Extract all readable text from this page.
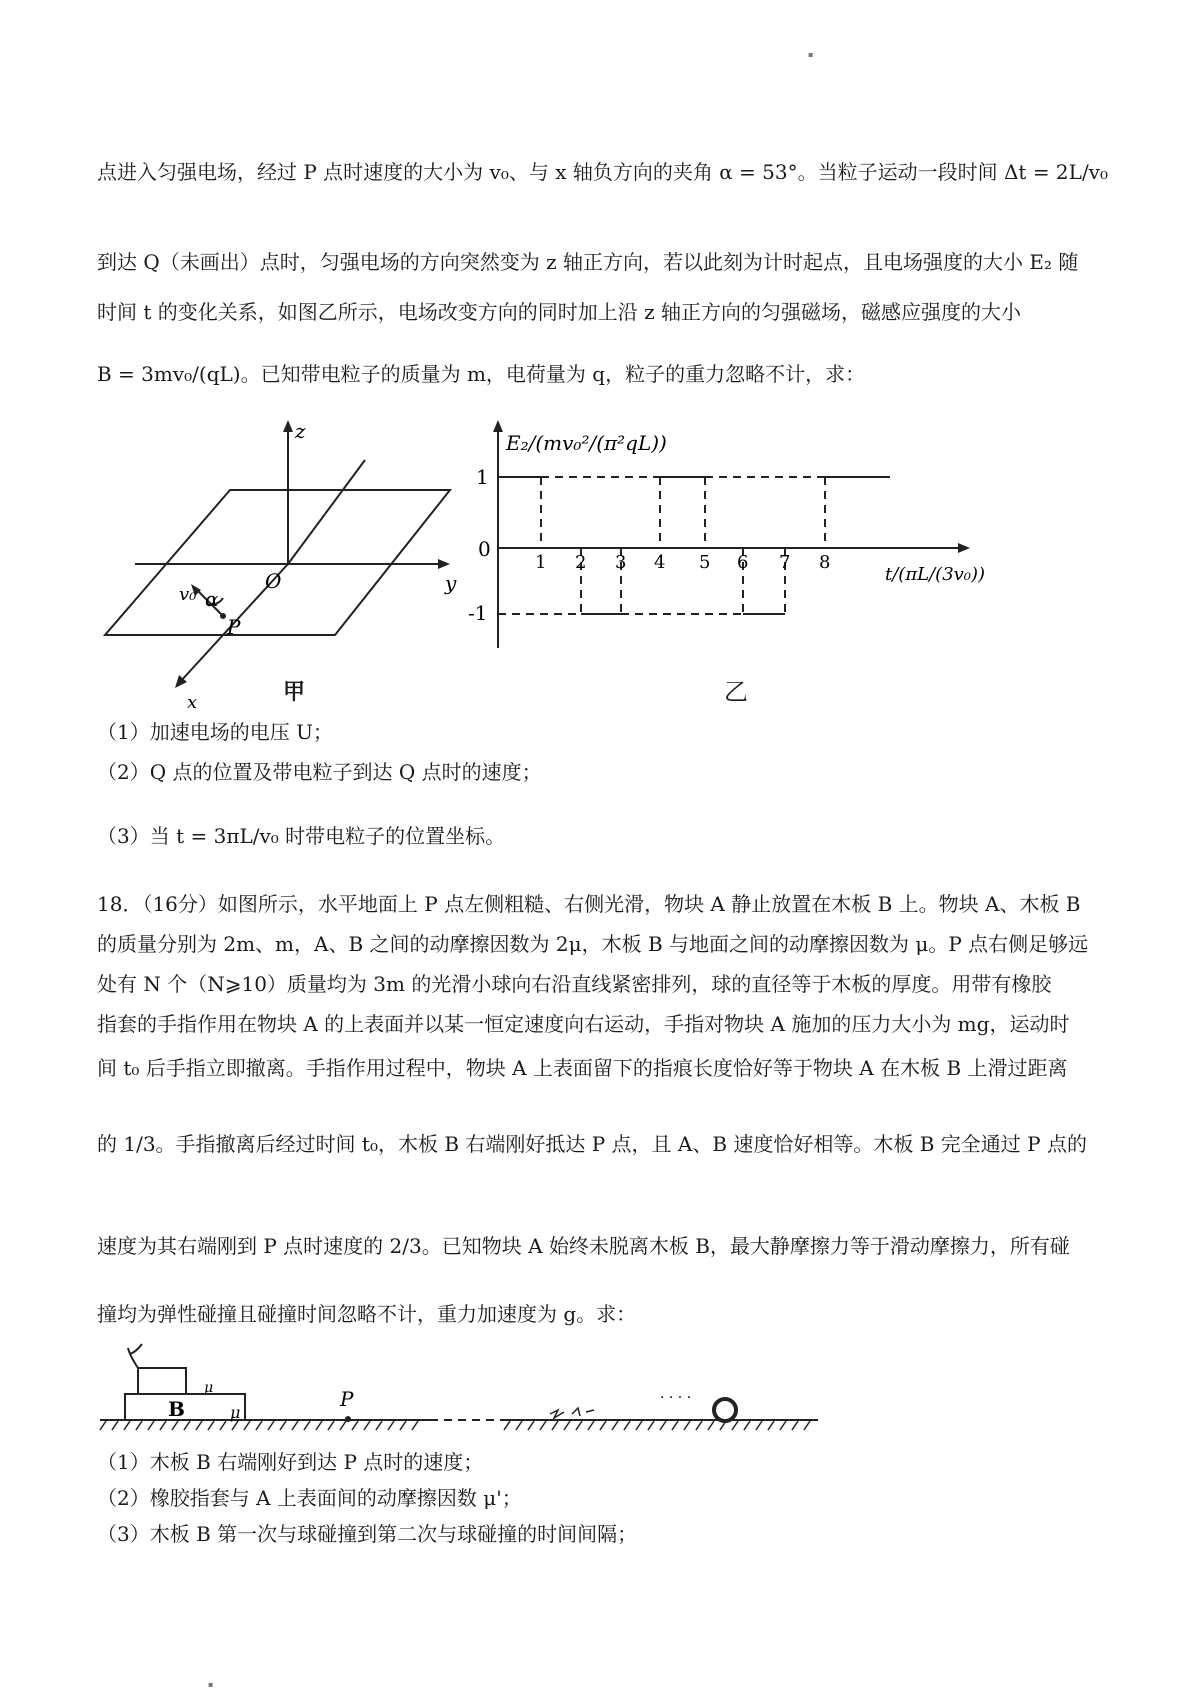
▪
点进入匀强电场，经过 P 点时速度的大小为 v₀、与 x 轴负方向的夹角 α = 53°。当粒子运动一段时间 Δt = 2L/v₀
到达 Q（未画出）点时，匀强电场的方向突然变为 z 轴正方向，若以此刻为计时起点，且电场强度的大小 E₂ 随
时间 t 的变化关系，如图乙所示，电场改变方向的同时加上沿 z 轴正方向的匀强磁场，磁感应强度的大小
B = 3mv₀/(qL)。已知带电粒子的质量为 m，电荷量为 q，粒子的重力忽略不计，求：
z
y
x
O
P
v₀ α
甲
E₂/(mv₀²/(π²qL))
t/(πL/(3v₀))
0
1
-1
1 2 3 4 5 6 7 8
乙
（1）加速电场的电压 U；
（2）Q 点的位置及带电粒子到达 Q 点时的速度；
（3）当 t = 3πL/v₀ 时带电粒子的位置坐标。
18．（16分）如图所示，水平地面上 P 点左侧粗糙、右侧光滑，物块 A 静止放置在木板 B 上。物块 A、木板 B
的质量分别为 2m、m，A、B 之间的动摩擦因数为 2μ，木板 B 与地面之间的动摩擦因数为 μ。P 点右侧足够远
处有 N 个（N⩾10）质量均为 3m 的光滑小球向右沿直线紧密排列，球的直径等于木板的厚度。用带有橡胶
指套的手指作用在物块 A 的上表面并以某一恒定速度向右运动，手指对物块 A 施加的压力大小为 mg，运动时
间 t₀ 后手指立即撤离。手指作用过程中，物块 A 上表面留下的指痕长度恰好等于物块 A 在木板 B 上滑过距离
的 1/3。手指撤离后经过时间 t₀，木板 B 右端刚好抵达 P 点，且 A、B 速度恰好相等。木板 B 完全通过 P 点的
速度为其右端刚到 P 点时速度的 2/3。已知物块 A 始终未脱离木板 B，最大静摩擦力等于滑动摩擦力，所有碰
撞均为弹性碰撞且碰撞时间忽略不计，重力加速度为 g。求：
B
μ
μ
P	· · · ·
（1）木板 B 右端刚好到达 P 点时的速度；
（2）橡胶指套与 A 上表面间的动摩擦因数 μ'；
（3）木板 B 第一次与球碰撞到第二次与球碰撞的时间间隔；
▪
